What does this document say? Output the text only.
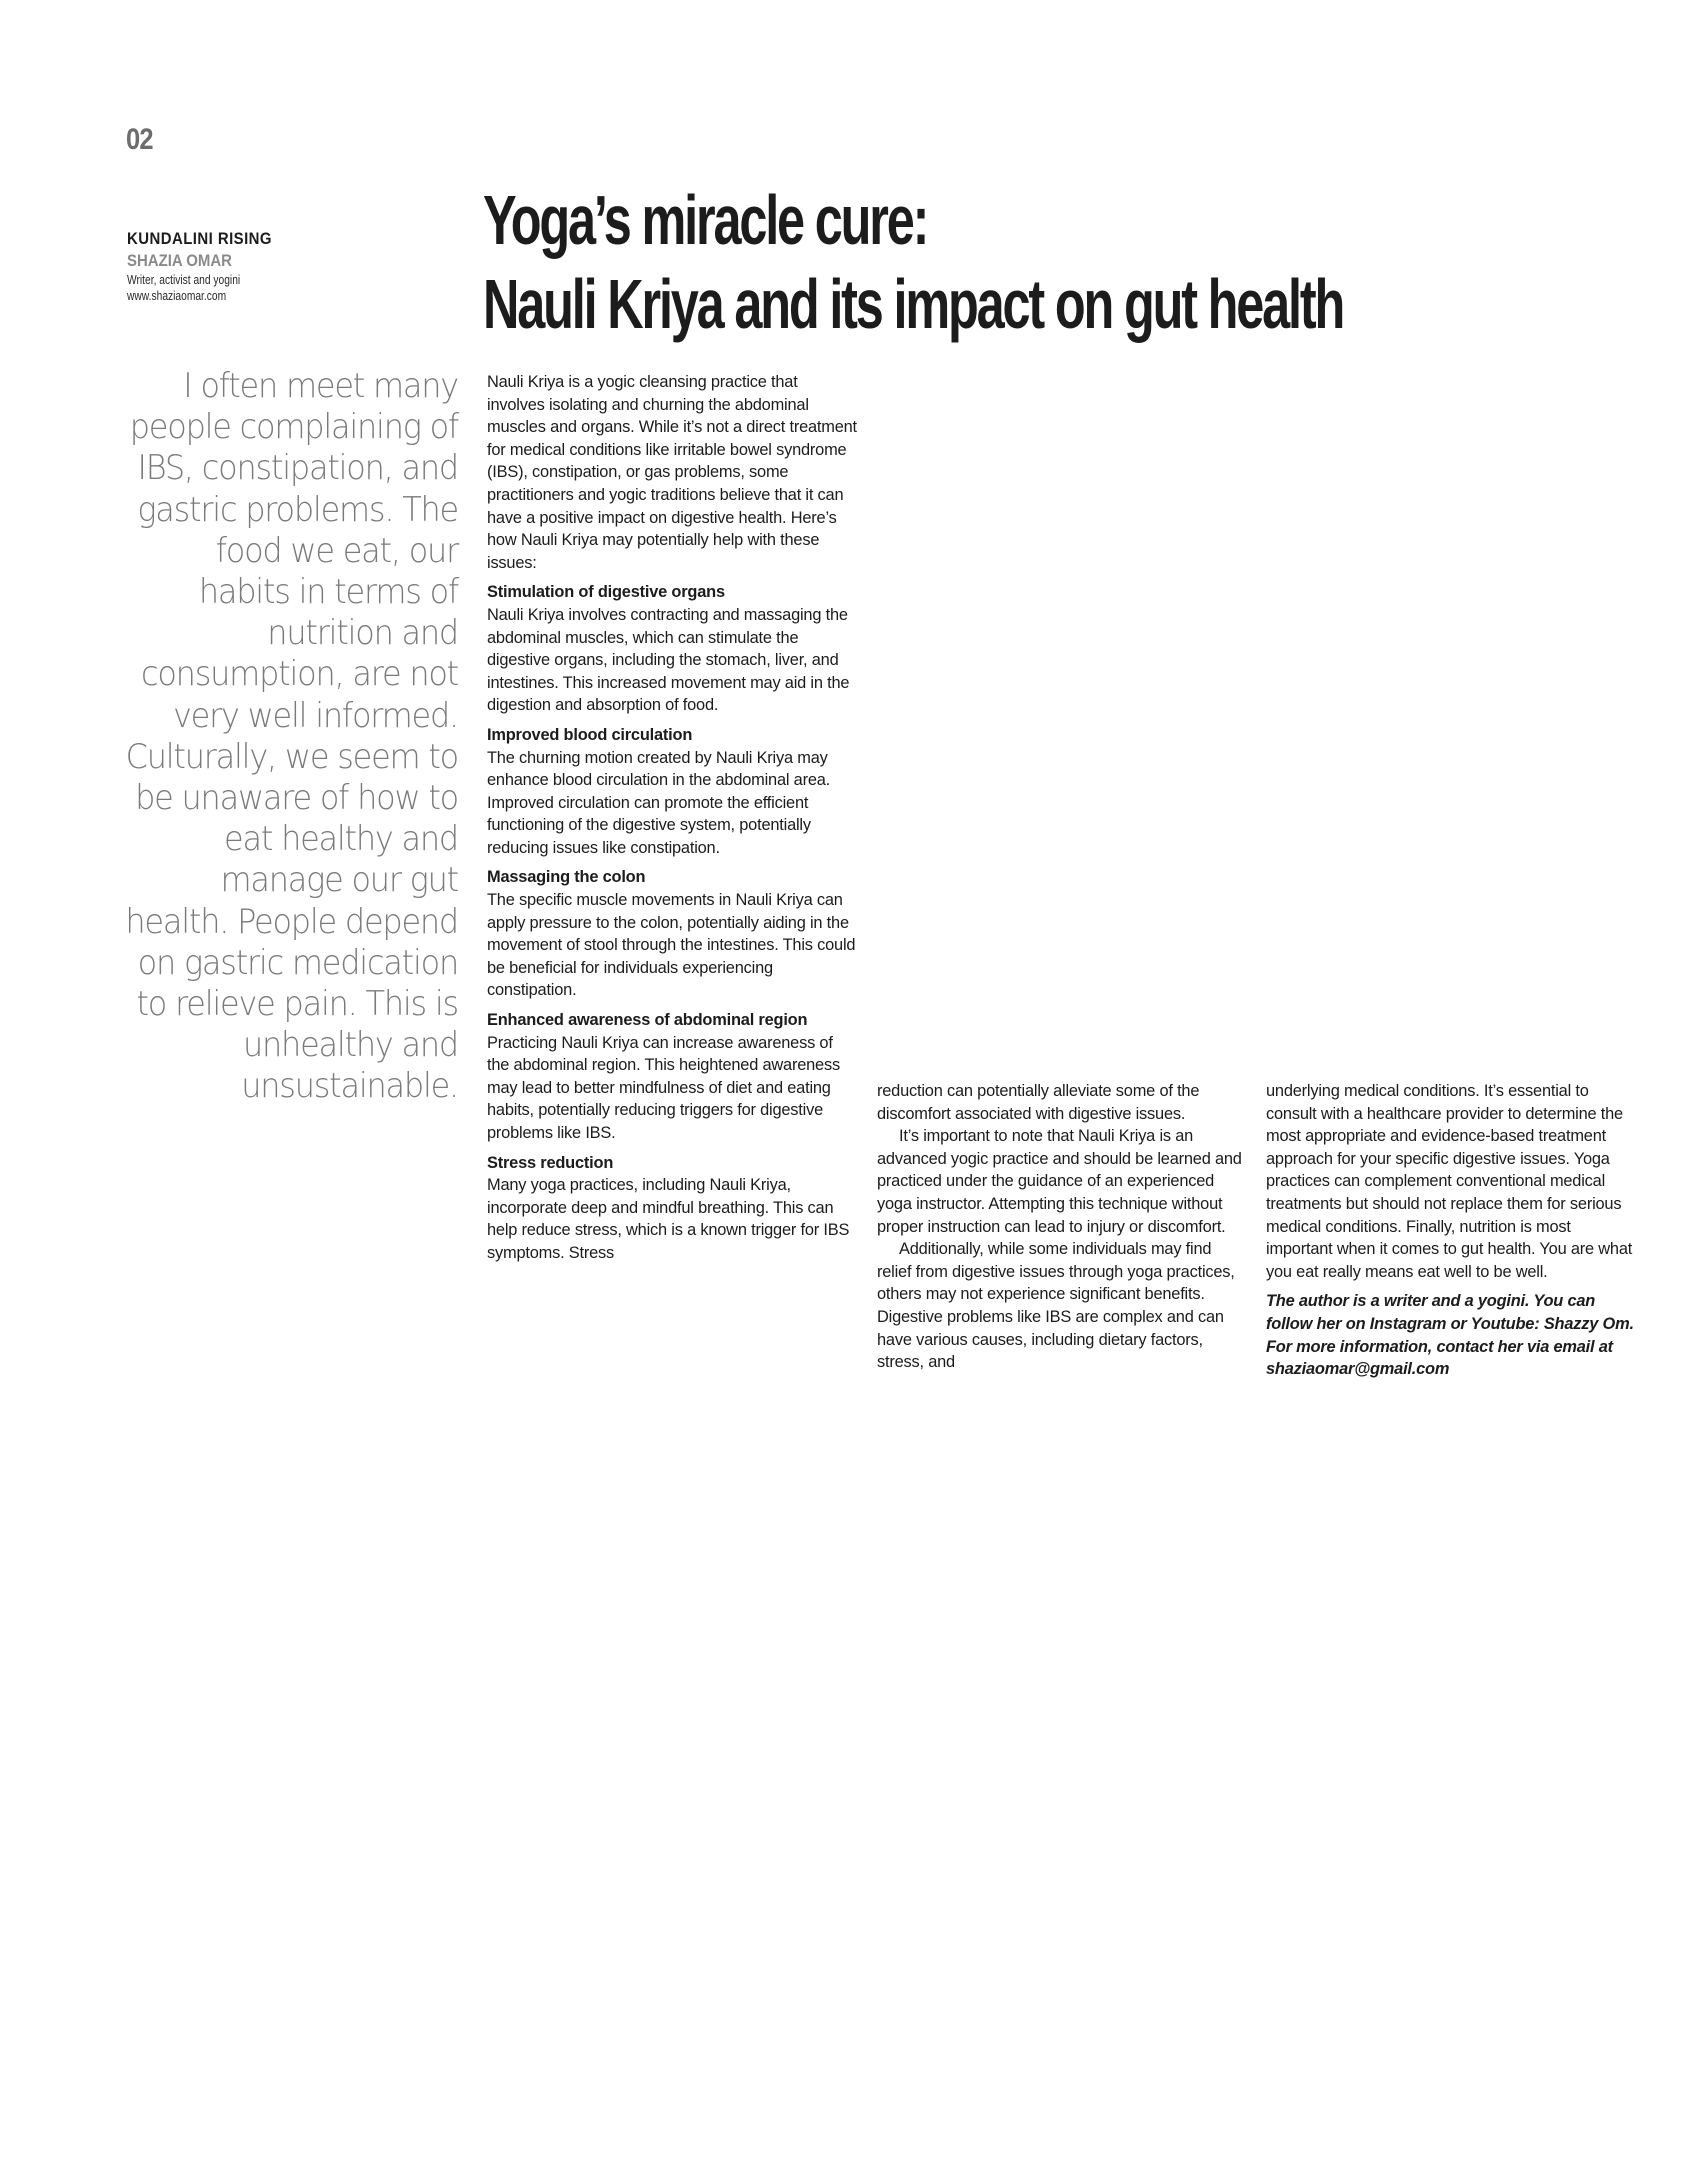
02
KUNDALINI RISING
SHAZIA OMAR
Writer, activist and yogini
www.shaziaomar.com
Yoga’s miracle cure:
Nauli Kriya and its impact on gut health

I often meet many people complaining of IBS, constipation, and gastric problems. The food we eat, our habits in terms of nutrition and consumption, are not very well informed. Culturally, we seem to be unaware of how to eat healthy and manage our gut health. People depend on gastric medication to relieve pain. This is unhealthy and unsustainable.

Nauli Kriya is a yogic cleansing practice that involves isolating and churning the abdominal muscles and organs. While it’s not a direct treatment for medical conditions like irritable bowel syndrome (IBS), constipation, or gas problems, some practitioners and yogic traditions believe that it can have a positive impact on digestive health. Here’s how Nauli Kriya may potentially help with these issues:

Stimulation of digestive organs

Nauli Kriya involves contracting and massaging the abdominal muscles, which can stimulate the digestive organs, including the stomach, liver, and intestines. This increased movement may aid in the digestion and absorption of food.

Improved blood circulation

The churning motion created by Nauli Kriya may enhance blood circulation in the abdominal area. Improved circulation can promote the efficient functioning of the digestive system, potentially reducing issues like constipation.

Massaging the colon

The specific muscle movements in Nauli Kriya can apply pressure to the colon, potentially aiding in the movement of stool through the intestines. This could be beneficial for individuals experiencing constipation.

Enhanced awareness of abdominal region

Practicing Nauli Kriya can increase awareness of the abdominal region. This heightened awareness may lead to better mindfulness of diet and eating habits, potentially reducing triggers for digestive problems like IBS.

Stress reduction

Many yoga practices, including Nauli Kriya, incorporate deep and mindful breathing. This can help reduce stress, which is a known trigger for IBS symptoms. Stress

reduction can potentially alleviate some of the discomfort associated with digestive issues.

It’s important to note that Nauli Kriya is an advanced yogic practice and should be learned and practiced under the guidance of an experienced yoga instructor. Attempting this technique without proper instruction can lead to injury or discomfort.

Additionally, while some individuals may find relief from digestive issues through yoga practices, others may not experience significant benefits. Digestive problems like IBS are complex and can have various causes, including dietary factors, stress, and

underlying medical conditions. It’s essential to consult with a healthcare provider to determine the most appropriate and evidence-based treatment approach for your specific digestive issues. Yoga practices can complement conventional medical treatments but should not replace them for serious medical conditions. Finally, nutrition is most important when it comes to gut health. You are what you eat really means eat well to be well.

The author is a writer and a yogini. You can follow her on Instagram or Youtube: Shazzy Om. For more information, contact her via email at shaziaomar@gmail.com
